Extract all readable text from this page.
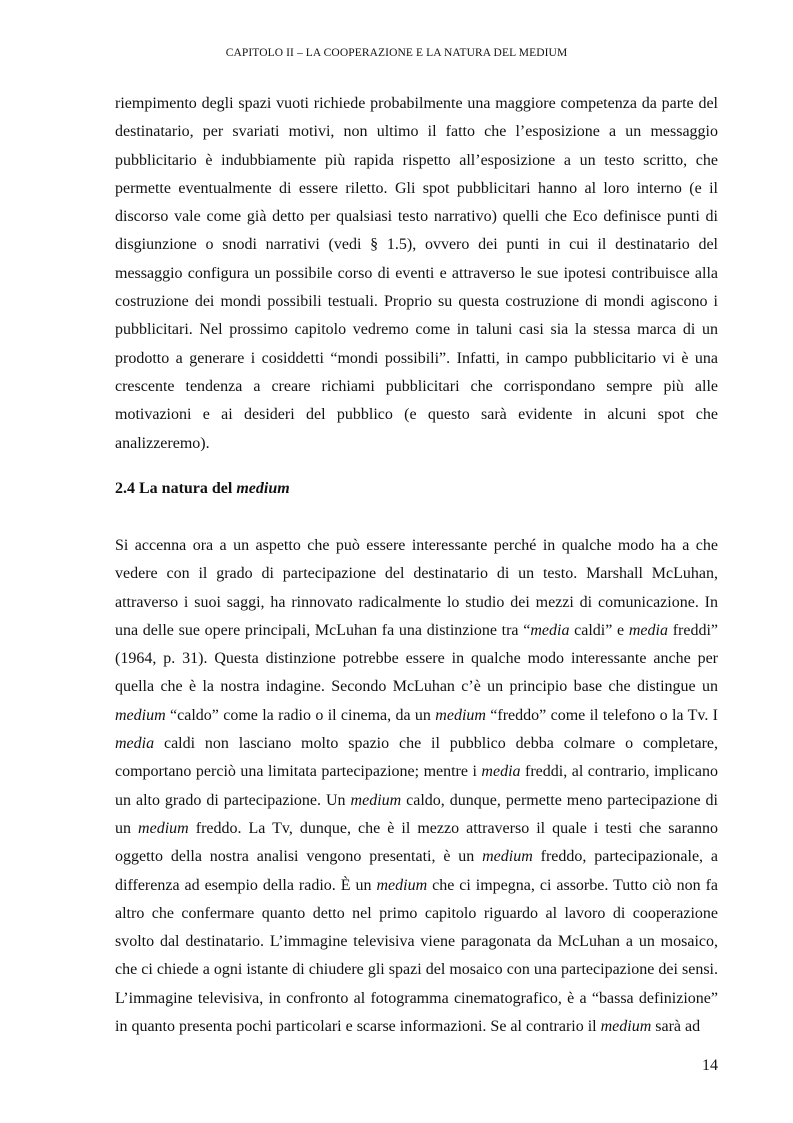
CAPITOLO II – LA COOPERAZIONE E LA NATURA DEL MEDIUM

riempimento degli spazi vuoti richiede probabilmente una maggiore competenza da parte del destinatario, per svariati motivi, non ultimo il fatto che l’esposizione a un messaggio pubblicitario è indubbiamente più rapida rispetto all’esposizione a un testo scritto, che permette eventualmente di essere riletto. Gli spot pubblicitari hanno al loro interno (e il discorso vale come già detto per qualsiasi testo narrativo) quelli che Eco definisce punti di disgiunzione o snodi narrativi (vedi § 1.5), ovvero dei punti in cui il destinatario del messaggio configura un possibile corso di eventi e attraverso le sue ipotesi contribuisce alla costruzione dei mondi possibili testuali. Proprio su questa costruzione di mondi agiscono i pubblicitari. Nel prossimo capitolo vedremo come in taluni casi sia la stessa marca di un prodotto a generare i cosiddetti “mondi possibili”. Infatti, in campo pubblicitario vi è una crescente tendenza a creare richiami pubblicitari che corrispondano sempre più alle motivazioni e ai desideri del pubblico (e questo sarà evidente in alcuni spot che analizzeremo).

2.4 La natura del medium

Si accenna ora a un aspetto che può essere interessante perché in qualche modo ha a che vedere con il grado di partecipazione del destinatario di un testo. Marshall McLuhan, attraverso i suoi saggi, ha rinnovato radicalmente lo studio dei mezzi di comunicazione. In una delle sue opere principali, McLuhan fa una distinzione tra “media caldi” e media freddi” (1964, p. 31). Questa distinzione potrebbe essere in qualche modo interessante anche per quella che è la nostra indagine. Secondo McLuhan c’è un principio base che distingue un medium “caldo” come la radio o il cinema, da un medium “freddo” come il telefono o la Tv. I media caldi non lasciano molto spazio che il pubblico debba colmare o completare, comportano perciò una limitata partecipazione; mentre i media freddi, al contrario, implicano un alto grado di partecipazione. Un medium caldo, dunque, permette meno partecipazione di un medium freddo. La Tv, dunque, che è il mezzo attraverso il quale i testi che saranno oggetto della nostra analisi vengono presentati, è un medium freddo, partecipazionale, a differenza ad esempio della radio. È un medium che ci impegna, ci assorbe. Tutto ciò non fa altro che confermare quanto detto nel primo capitolo riguardo al lavoro di cooperazione svolto dal destinatario. L’immagine televisiva viene paragonata da McLuhan a un mosaico, che ci chiede a ogni istante di chiudere gli spazi del mosaico con una partecipazione dei sensi. L’immagine televisiva, in confronto al fotogramma cinematografico, è a “bassa definizione” in quanto presenta pochi particolari e scarse informazioni. Se al contrario il medium sarà ad

14
